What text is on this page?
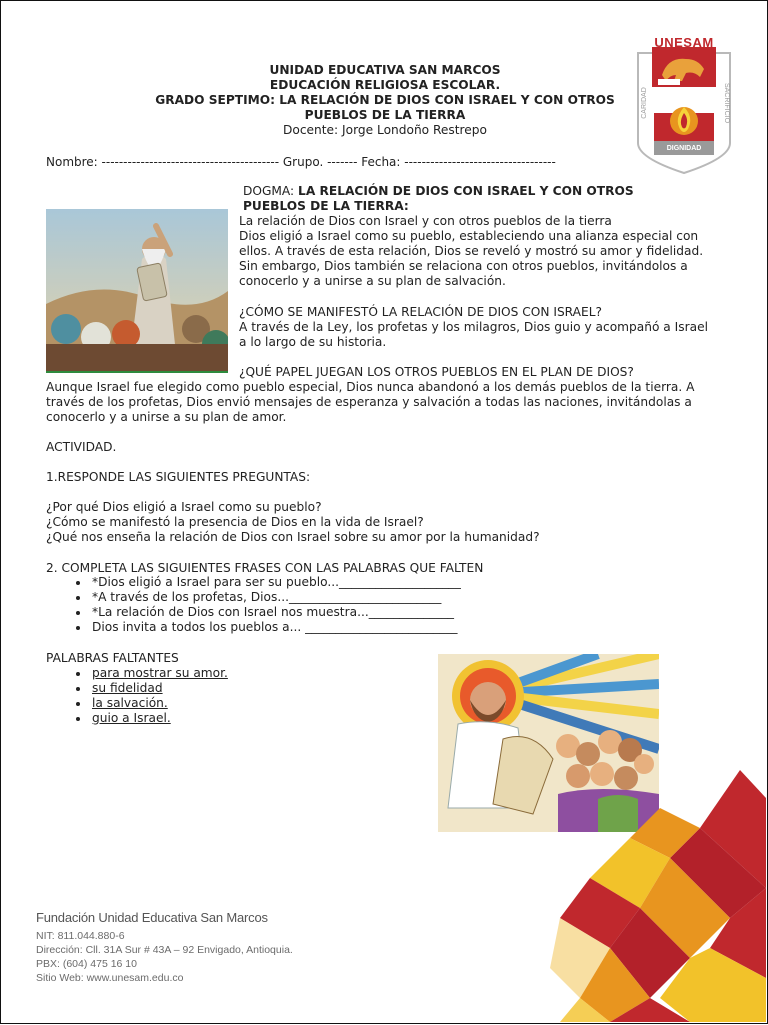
UNIDAD EDUCATIVA SAN MARCOS
EDUCACIÓN RELIGIOSA ESCOLAR.
GRADO SEPTIMO: LA RELACIÓN DE DIOS CON ISRAEL Y CON OTROS
PUEBLOS DE LA TIERRA
Docente: Jorge Londoño Restrepo
CARIDAD	SACRIFICIO
UNESAM
DIGNIDAD
Nombre: ----------------------------------------- Grupo. ------- Fecha: -----------------------------------
DOGMA: LA RELACIÓN DE DIOS CON ISRAEL Y CON OTROS
PUEBLOS DE LA TIERRA:
La relación de Dios con Israel y con otros pueblos de la tierra
Dios eligió a Israel como su pueblo, estableciendo una alianza especial con
ellos. A través de esta relación, Dios se reveló y mostró su amor y fidelidad.
Sin embargo, Dios también se relaciona con otros pueblos, invitándolos a
conocerlo y a unirse a su plan de salvación.
¿CÓMO SE MANIFESTÓ LA RELACIÓN DE DIOS CON ISRAEL?
A través de la Ley, los profetas y los milagros, Dios guio y acompañó a Israel
a lo largo de su historia.
¿QUÉ PAPEL JUEGAN LOS OTROS PUEBLOS EN EL PLAN DE DIOS?
Aunque Israel fue elegido como pueblo especial, Dios nunca abandonó a los demás pueblos de la tierra. A
través de los profetas, Dios envió mensajes de esperanza y salvación a todas las naciones, invitándolas a
conocerlo y a unirse a su plan de amor.
ACTIVIDAD.
1.RESPONDE LAS SIGUIENTES PREGUNTAS:
¿Por qué Dios eligió a Israel como su pueblo?
¿Cómo se manifestó la presencia de Dios en la vida de Israel?
¿Qué nos enseña la relación de Dios con Israel sobre su amor por la humanidad?
2. COMPLETA LAS SIGUIENTES FRASES CON LAS PALABRAS QUE FALTEN
• *Dios eligió a Israel para ser su pueblo...____________________
• *A través de los profetas, Dios..._________________________
• *La relación de Dios con Israel nos muestra...______________
• Dios invita a todos los pueblos a... _________________________
PALABRAS FALTANTES
• para mostrar su amor.
• su fidelidad
• la salvación.
• guio a Israel.
Fundación Unidad Educativa San Marcos
NIT: 811.044.880-6
Dirección: Cll. 31A Sur # 43A – 92 Envigado, Antioquia.
PBX: (604) 475 16 10
Sitio Web: www.unesam.edu.co
